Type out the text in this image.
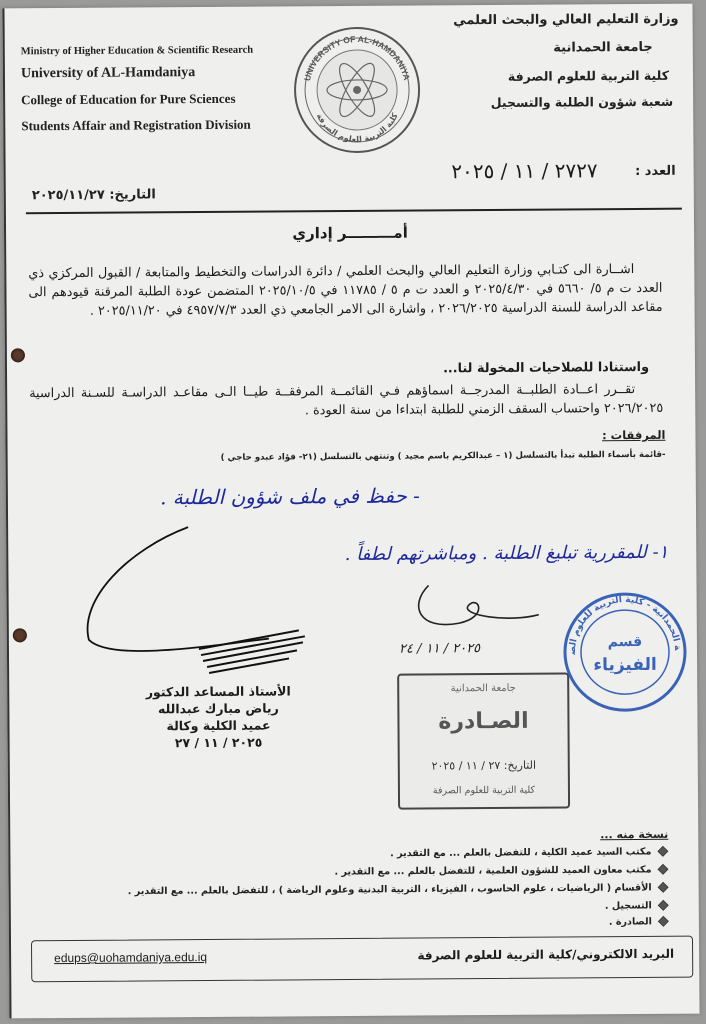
Ministry of Higher Education & Scientific Research
University of AL-Hamdaniya
College of Education for Pure Sciences
Students Affair and Registration Division
وزارة التعليم العالي والبحث العلمي
جامعة الحمدانية
كلية التربية للعلوم الصرفة
شعبة شؤون الطلبة والتسجيل
UNIVERSITY OF AL-HAMDANIYA
كلية التربية للعلوم الصرفة
العدد :
٢٧٢٧ / ١١ / ٢٠٢٥
التاريخ: ٢٠٢٥/١١/٢٧
أمـــــــــر إداري
اشــارة الى كتـابي وزارة التعليم العالي والبحث العلمي / دائرة الدراسات والتخطيط والمتابعة / القبول المركزي ذي العدد ت م ٥/ ٥٦٦٠ في ٢٠٢٥/٤/٣٠ و العدد ت م ٥ / ١١٧٨٥ في ٢٠٢٥/١٠/٥ المتضمن عودة الطلبة المرقنة قيودهم الى مقاعد الدراسة للسنة الدراسية ٢٠٢٦/٢٠٢٥ ، واشارة الى الامر الجامعي ذي العدد ٤٩٥٧/٧/٣ في ٢٠٢٥/١١/٢٠ .
واستنادا للصلاحيات المخولة لنا...
تقــرر اعــادة الطلبــة المدرجــة اسماؤهم فـي القائمــة المرفقــة طيــا الـى مقاعـد الدراسـة للسـنة الدراسية ٢٠٢٦/٢٠٢٥ واحتساب السقف الزمني للطلبة ابتداءا من سنة العودة .
المرفقات :
-قائمة بأسماء الطلبة تبدأ بالتسلسل (١ – عبدالكريم باسم مجيد ) وتنتهي بالتسلسل (٢١- فؤاد عبدو حاجي )
- حفظ في ملف شؤون الطلبة .
١- للمقررية تبليغ الطلبة . ومباشرتهم لطفاً .
٢٠٢٥ / ١١ / ٢٤
الأستاذ المساعد الدكتور
رياض مبارك عبدالله
عميد الكلية وكالة
٢٠٢٥ / ١١ / ٢٧
جامعة الحمدانية
الصـادرة
التاريخ: ٢٧ / ١١ / ٢٠٢٥
كلية التربية للعلوم الصرفة
جامعة الحمدانية - كلية التربية للعلوم الصرفة	قسم
الفيزياء
نسخة منه ...
مكتب السيد عميد الكلية ، للتفضل بالعلم ... مع التقدير .
مكتب معاون العميد للشؤون العلمية ، للتفضل بالعلم ... مع التقدير .
الأقسام ( الرياضيات ، علوم الحاسوب ، الفيزياء ، التربية البدنية وعلوم الرياضة ) ، للتفضل بالعلم ... مع التقدير .
التسجيل .
الصادرة .
edups@uohamdaniya.edu.iq	البريد الالكتروني/كلية التربية للعلوم الصرفة
